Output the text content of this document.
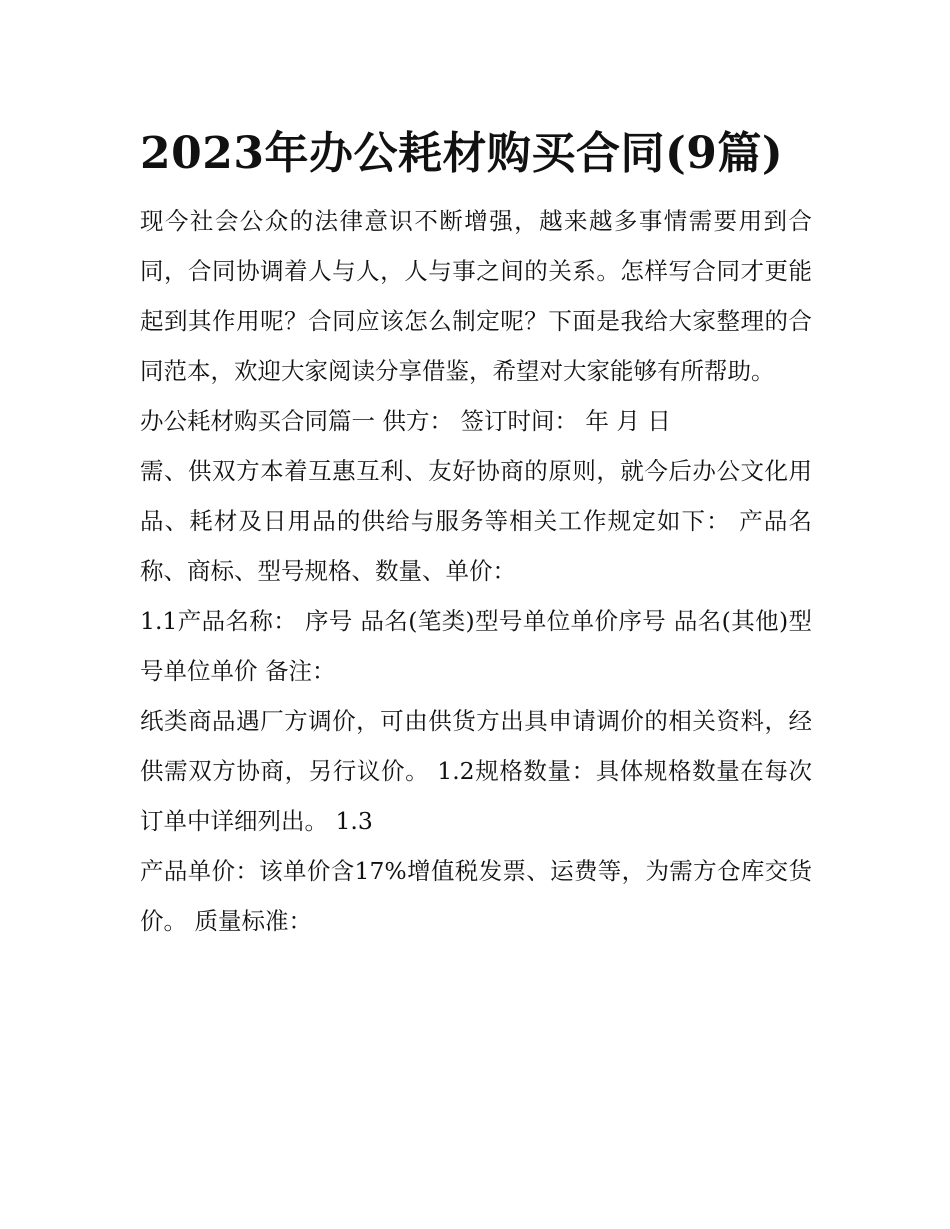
2023年办公耗材购买合同(9篇)

现今社会公众的法律意识不断增强，越来越多事情需要用到合同，合同协调着人与人，人与事之间的关系。怎样写合同才更能起到其作用呢？合同应该怎么制定呢？下面是我给大家整理的合同范本，欢迎大家阅读分享借鉴，希望对大家能够有所帮助。

办公耗材购买合同篇一 供方： 签订时间： 年 月 日

需、供双方本着互惠互利、友好协商的原则，就今后办公文化用品、耗材及日用品的供给与服务等相关工作规定如下： 产品名称、商标、型号规格、数量、单价：

1.1产品名称： 序号 品名(笔类)型号单位单价序号 品名(其他)型号单位单价 备注：

纸类商品遇厂方调价，可由供货方出具申请调价的相关资料，经供需双方协商，另行议价。 1.2规格数量：具体规格数量在每次订单中详细列出。 1.3

产品单价：该单价含17%增值税发票、运费等，为需方仓库交货价。 质量标准：
